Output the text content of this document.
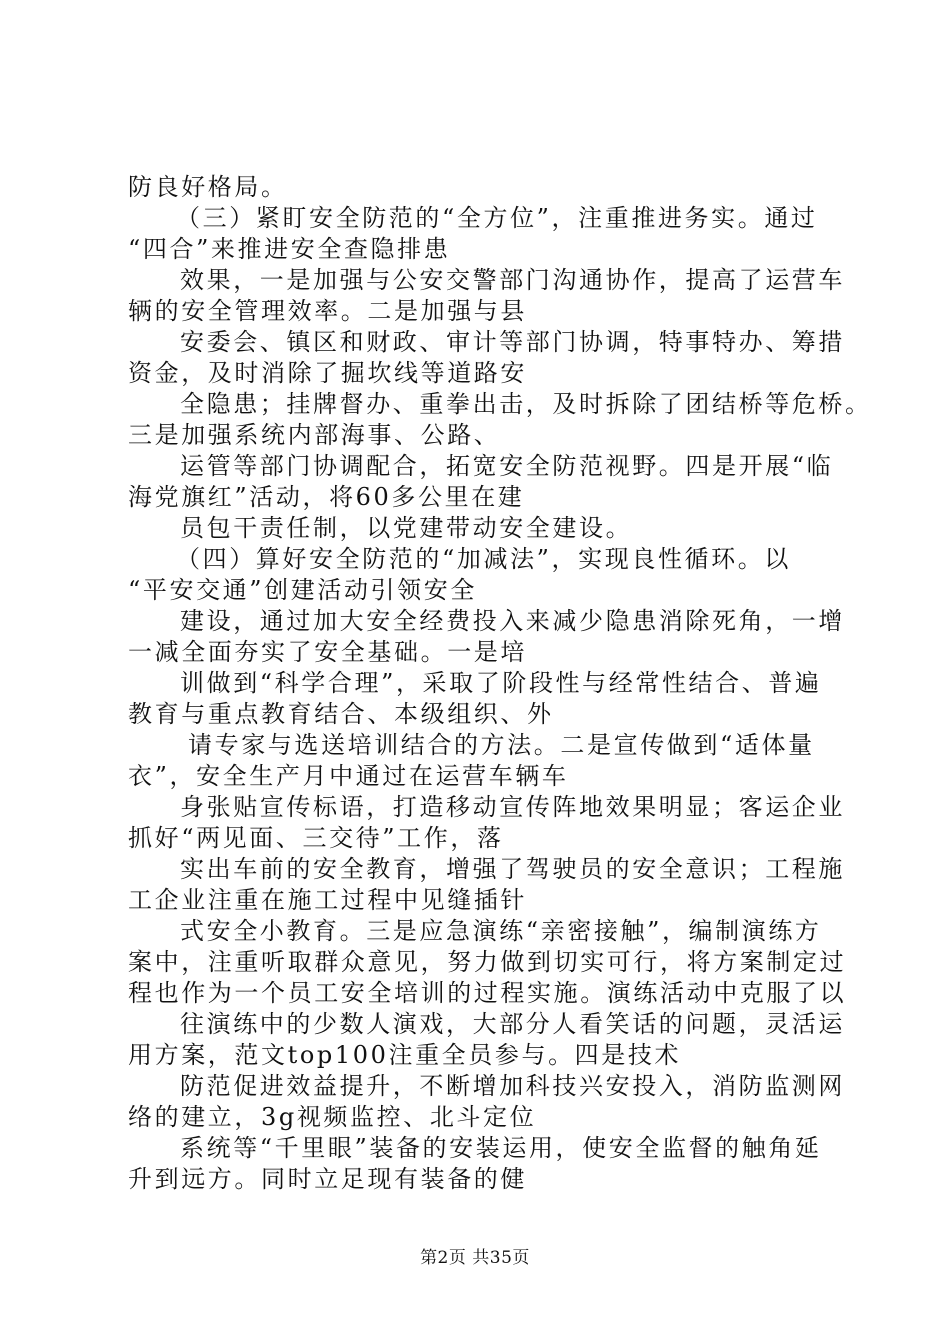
防良好格局。
（三）紧盯安全防范的“全方位”，注重推进务实。通过
“四合”来推进安全查隐排患
效果，一是加强与公安交警部门沟通协作，提高了运营车
辆的安全管理效率。二是加强与县
安委会、镇区和财政、审计等部门协调，特事特办、筹措
资金，及时消除了掘坎线等道路安
全隐患；挂牌督办、重拳出击，及时拆除了团结桥等危桥。
三是加强系统内部海事、公路、
运管等部门协调配合，拓宽安全防范视野。四是开展“临
海党旗红”活动，将60多公里在建
员包干责任制，以党建带动安全建设。
（四）算好安全防范的“加减法”，实现良性循环。以
“平安交通”创建活动引领安全
建设，通过加大安全经费投入来减少隐患消除死角，一增
一减全面夯实了安全基础。一是培
训做到“科学合理”，采取了阶段性与经常性结合、普遍
教育与重点教育结合、本级组织、外
请专家与选送培训结合的方法。二是宣传做到“适体量
衣”，安全生产月中通过在运营车辆车
身张贴宣传标语，打造移动宣传阵地效果明显；客运企业
抓好“两见面、三交待”工作，落
实出车前的安全教育，增强了驾驶员的安全意识；工程施
工企业注重在施工过程中见缝插针
式安全小教育。三是应急演练“亲密接触”，编制演练方
案中，注重听取群众意见，努力做到切实可行，将方案制定过
程也作为一个员工安全培训的过程实施。演练活动中克服了以
往演练中的少数人演戏，大部分人看笑话的问题，灵活运
用方案，范文top100注重全员参与。四是技术
防范促进效益提升，不断增加科技兴安投入，消防监测网
络的建立，3g视频监控、北斗定位
系统等“千里眼”装备的安装运用，使安全监督的触角延
升到远方。同时立足现有装备的健
第2页 共35页
